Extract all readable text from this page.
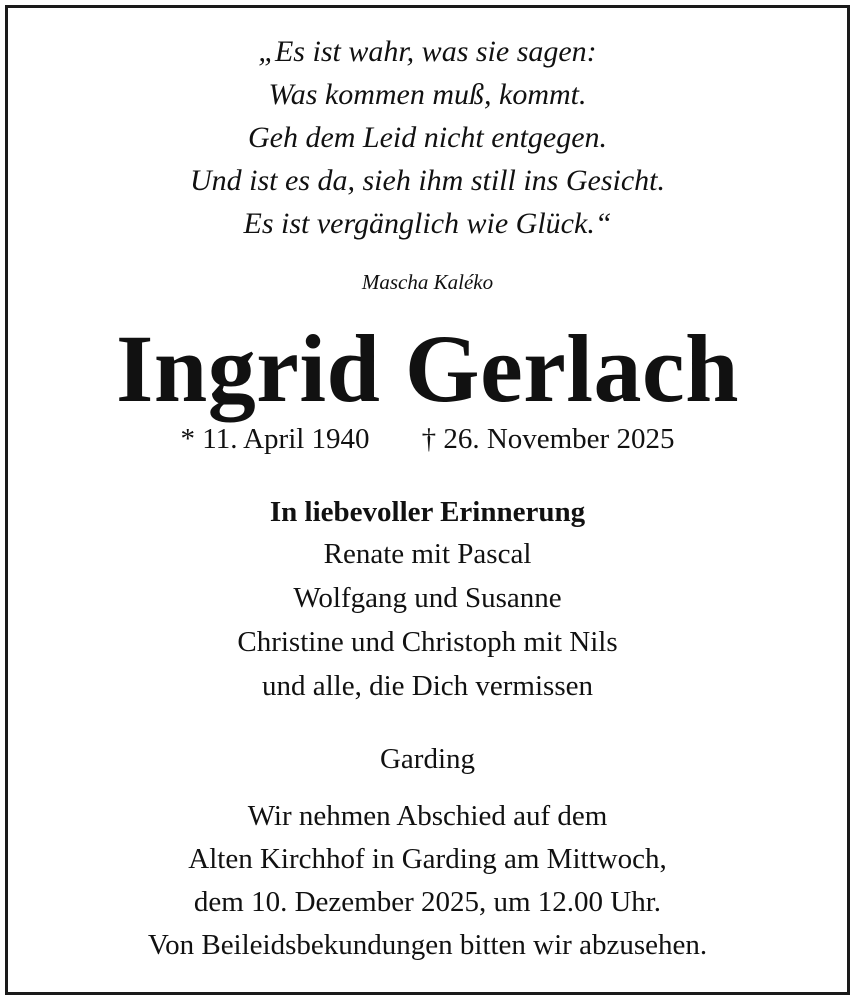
„Es ist wahr, was sie sagen:
Was kommen muß, kommt.
Geh dem Leid nicht entgegen.
Und ist es da, sieh ihm still ins Gesicht.
Es ist vergänglich wie Glück.“
Mascha Kaléko
Ingrid Gerlach
* 11. April 1940 † 26. November 2025
In liebevoller Erinnerung
Renate mit Pascal
Wolfgang und Susanne
Christine und Christoph mit Nils
und alle, die Dich vermissen
Garding
Wir nehmen Abschied auf dem
Alten Kirchhof in Garding am Mittwoch,
dem 10. Dezember 2025, um 12.00 Uhr.
Von Beileidsbekundungen bitten wir abzusehen.
